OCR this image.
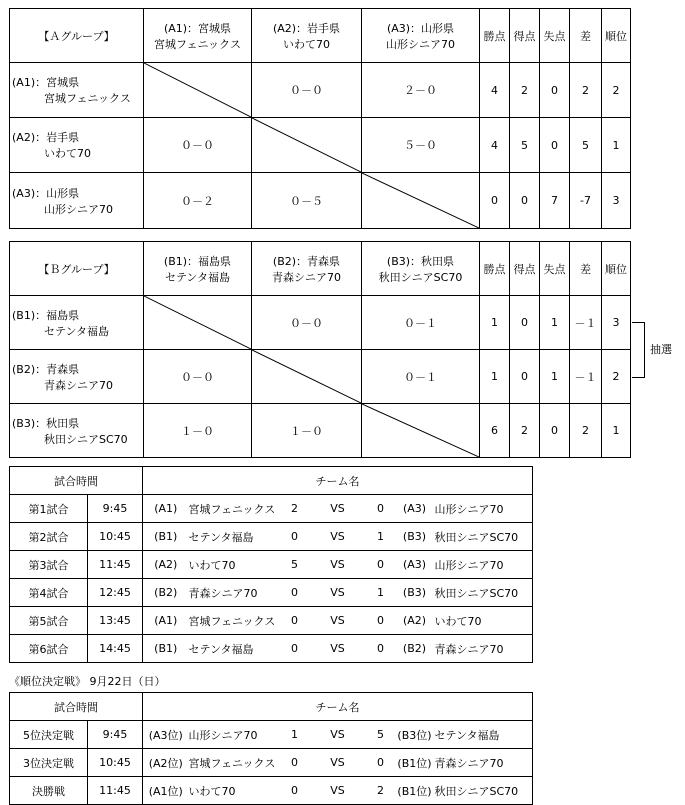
【Ａグループ】	(A1)：宮城県
宮城フェニックス	(A2)：岩手県
いわて70	(A3)：山形県
山形シニア70	勝点	得点	失点	差	順位

(A1)：宮城県
宮城フェニックス		０－０	２－０	4	2	0	2	2

(A2)：岩手県
いわて70	０－０		５－０	4	5	0	5	1

(A3)：山形県
山形シニア70	０－２	０－５		0	0	7	-7	3
【Ｂグループ】	(B1)：福島県
セテンタ福島	(B2)：青森県
青森シニア70	(B3)：秋田県
秋田シニアSC70	勝点	得点	失点	差	順位

(B1)：福島県
セテンタ福島		０－０	０－１	1	0	1	－１	3

(B2)：青森県
青森シニア70	０－０		０－１	1	0	1	－１	2

(B3)：秋田県
秋田シニアSC70	１－０	１－０		6	2	0	2	1
抽選
試合時間		チーム名						
第1試合	9:45	(A1)	宮城フェニックス	2	VS	0	(A3)	山形シニア70
第2試合	10:45	(B1)	セテンタ福島	0	VS	1	(B3)	秋田シニアSC70
第3試合	11:45	(A2)	いわて70	5	VS	0	(A3)	山形シニア70
第4試合	12:45	(B2)	青森シニア70	0	VS	1	(B3)	秋田シニアSC70
第5試合	13:45	(A1)	宮城フェニックス	0	VS	0	(A2)	いわて70
第6試合	14:45	(B1)	セテンタ福島	0	VS	0	(B2)	青森シニア70
《順位決定戦》 9月22日（日）
試合時間		チーム名						
5位決定戦	9:45	(A3位)	山形シニア70	1	VS	5	(B3位)	セテンタ福島
3位決定戦	10:45	(A2位)	宮城フェニックス	0	VS	0	(B1位)	青森シニア70
決勝戦	11:45	(A1位)	いわて70	0	VS	2	(B1位)	秋田シニアSC70
